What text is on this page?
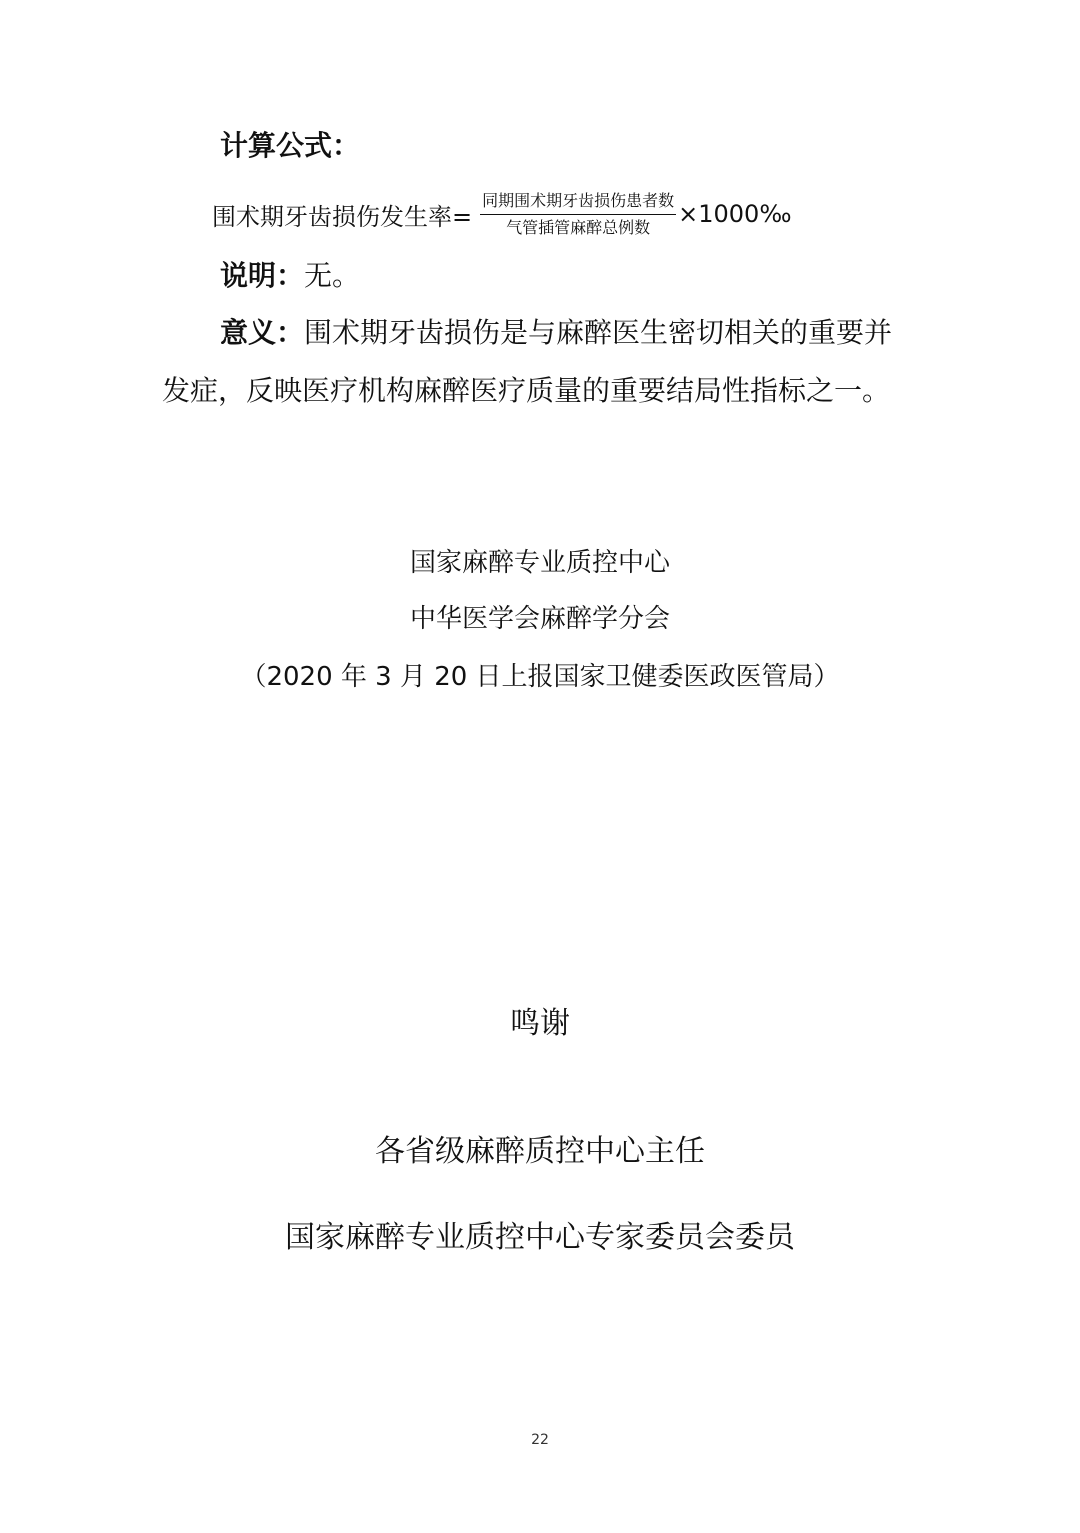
计算公式：
围术期牙齿损伤发生率= $\frac{\text{同期围术期牙齿损伤患者数}}{\text{气管插管麻醉总例数}}$ ×1000‰
说明：无。
意义：围术期牙齿损伤是与麻醉医生密切相关的重要并
发症，反映医疗机构麻醉医疗质量的重要结局性指标之一。
国家麻醉专业质控中心
中华医学会麻醉学分会
（2020 年 3 月 20 日上报国家卫健委医政医管局）
鸣谢
各省级麻醉质控中心主任
国家麻醉专业质控中心专家委员会委员
22
